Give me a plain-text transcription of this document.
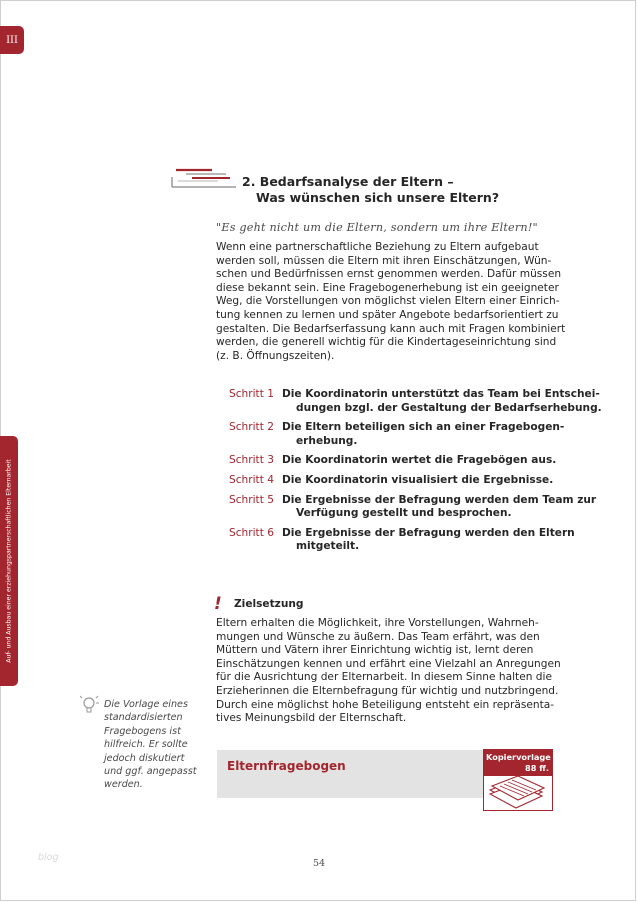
III
Auf- und Ausbau einer erziehungspartnerschaftlichen Elternarbeit
2. Bedarfsanalyse der Eltern –
Was wünschen sich unsere Eltern?
"Es geht nicht um die Eltern, sondern um ihre Eltern!"
Wenn eine partnerschaftliche Beziehung zu Eltern aufgebaut
werden soll, müssen die Eltern mit ihren Einschätzungen, Wün-
schen und Bedürfnissen ernst genommen werden. Dafür müssen
diese bekannt sein. Eine Fragebogenerhebung ist ein geeigneter
Weg, die Vorstellungen von möglichst vielen Eltern einer Einrich-
tung kennen zu lernen und später Angebote bedarfsorientiert zu
gestalten. Die Bedarfserfassung kann auch mit Fragen kombiniert
werden, die generell wichtig für die Kindertageseinrichtung sind
(z. B. Öffnungszeiten).
Schritt 1 Die Koordinatorin unterstützt das Team bei Entschei-
dungen bzgl. der Gestaltung der Bedarfserhebung.
Schritt 2 Die Eltern beteiligen sich an einer Fragebogen-
erhebung.
Schritt 3 Die Koordinatorin wertet die Fragebögen aus.
Schritt 4 Die Koordinatorin visualisiert die Ergebnisse.
Schritt 5 Die Ergebnisse der Befragung werden dem Team zur
Verfügung gestellt und besprochen.
Schritt 6 Die Ergebnisse der Befragung werden den Eltern
mitgeteilt.
! Zielsetzung
Eltern erhalten die Möglichkeit, ihre Vorstellungen, Wahrneh-
mungen und Wünsche zu äußern. Das Team erfährt, was den
Müttern und Vätern ihrer Einrichtung wichtig ist, lernt deren
Einschätzungen kennen und erfährt eine Vielzahl an Anregungen
für die Ausrichtung der Elternarbeit. In diesem Sinne halten die
Erzieherinnen die Elternbefragung für wichtig und nutzbringend.
Durch eine möglichst hohe Beteiligung entsteht ein repräsenta-
tives Meinungsbild der Elternschaft.
Die Vorlage eines
standardisierten
Fragebogens ist
hilfreich. Er sollte
jedoch diskutiert
und ggf. angepasst
werden.
Elternfragebogen
Kopiervorlage
88 ff.
blog
54
